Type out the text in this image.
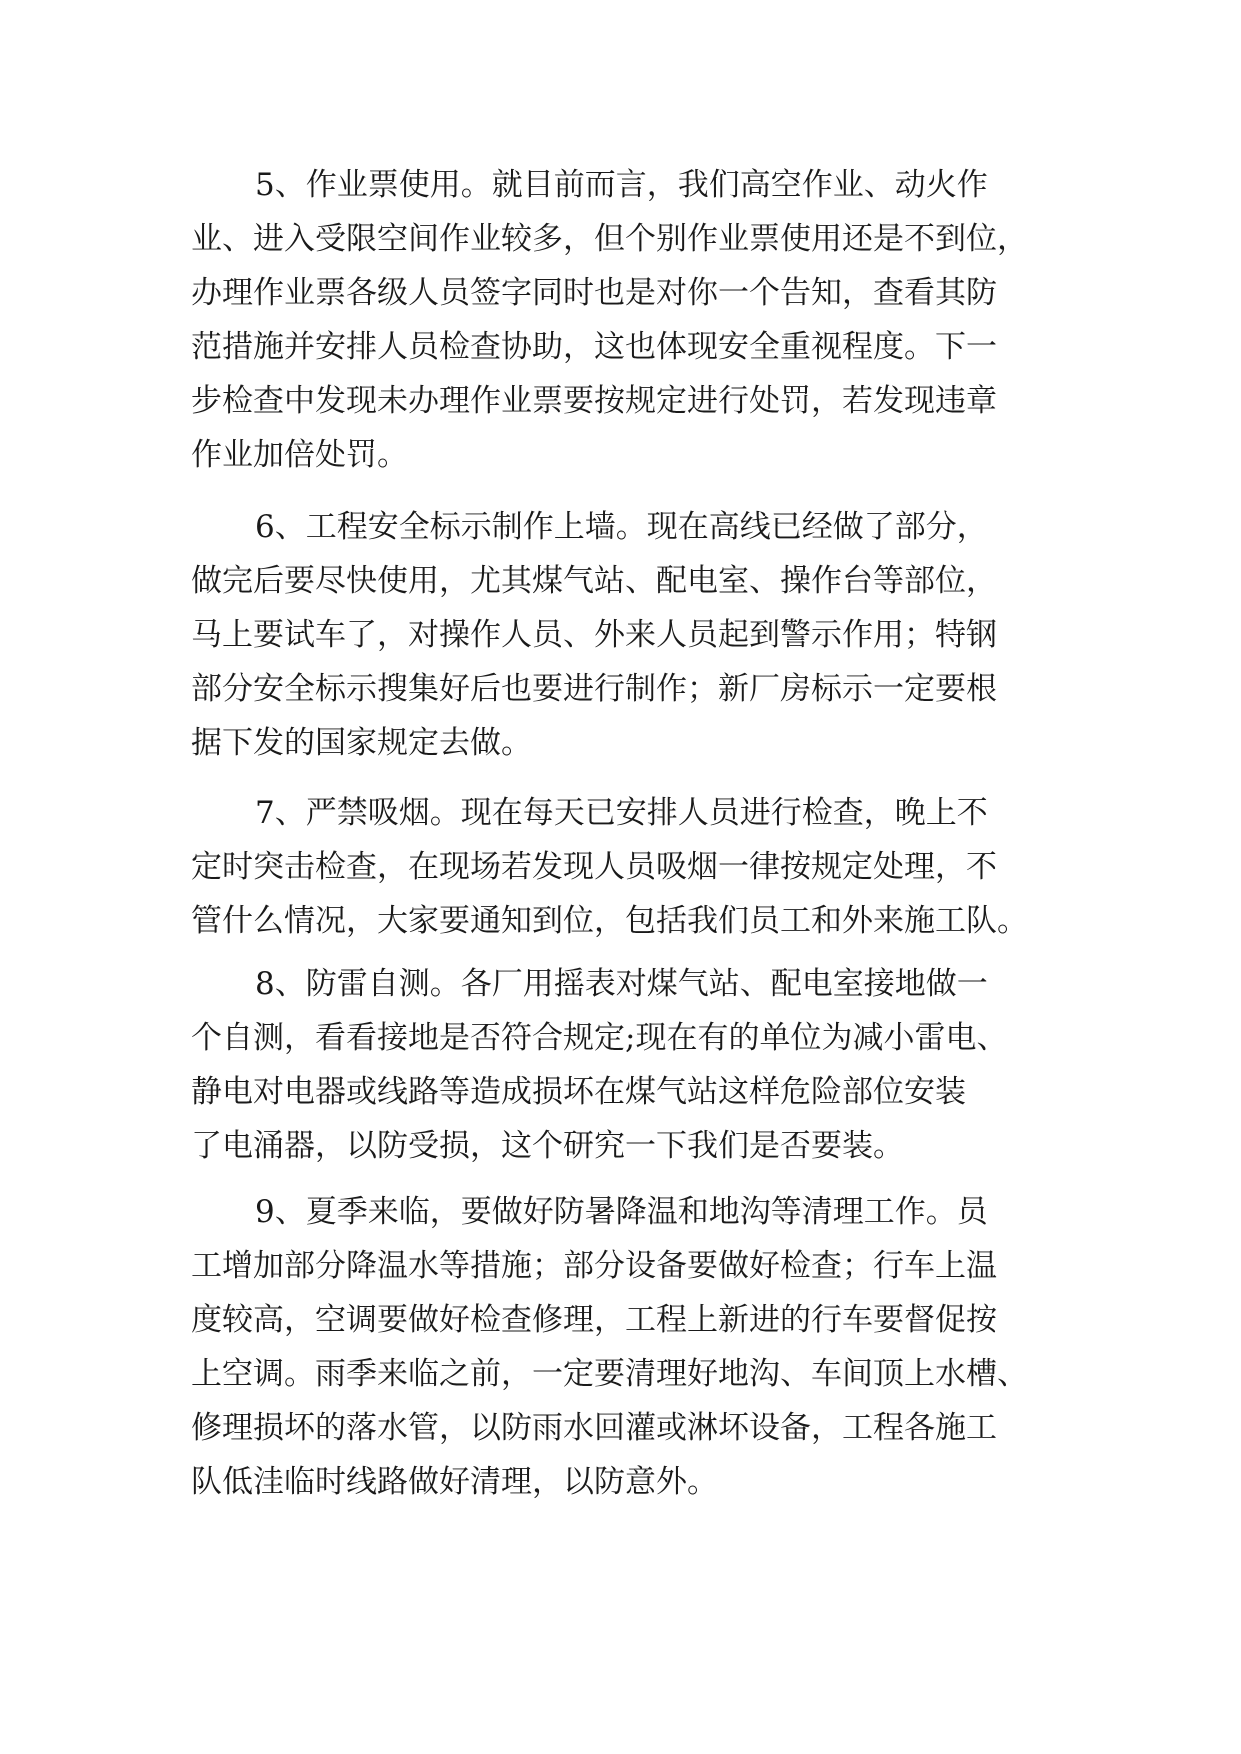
5、作业票使用。就目前而言，我们高空作业、动火作
业、进入受限空间作业较多，但个别作业票使用还是不到位，
办理作业票各级人员签字同时也是对你一个告知，查看其防
范措施并安排人员检查协助，这也体现安全重视程度。下一
步检查中发现未办理作业票要按规定进行处罚，若发现违章
作业加倍处罚。
6、工程安全标示制作上墙。现在高线已经做了部分，
做完后要尽快使用，尤其煤气站、配电室、操作台等部位，
马上要试车了，对操作人员、外来人员起到警示作用；特钢
部分安全标示搜集好后也要进行制作；新厂房标示一定要根
据下发的国家规定去做。
7、严禁吸烟。现在每天已安排人员进行检查，晚上不
定时突击检查，在现场若发现人员吸烟一律按规定处理，不
管什么情况，大家要通知到位，包括我们员工和外来施工队。
8、防雷自测。各厂用摇表对煤气站、配电室接地做一
个自测，看看接地是否符合规定;现在有的单位为减小雷电、
静电对电器或线路等造成损坏在煤气站这样危险部位安装
了电涌器，以防受损，这个研究一下我们是否要装。
9、夏季来临，要做好防暑降温和地沟等清理工作。员
工增加部分降温水等措施；部分设备要做好检查；行车上温
度较高，空调要做好检查修理，工程上新进的行车要督促按
上空调。雨季来临之前，一定要清理好地沟、车间顶上水槽、
修理损坏的落水管，以防雨水回灌或淋坏设备，工程各施工
队低洼临时线路做好清理，以防意外。
